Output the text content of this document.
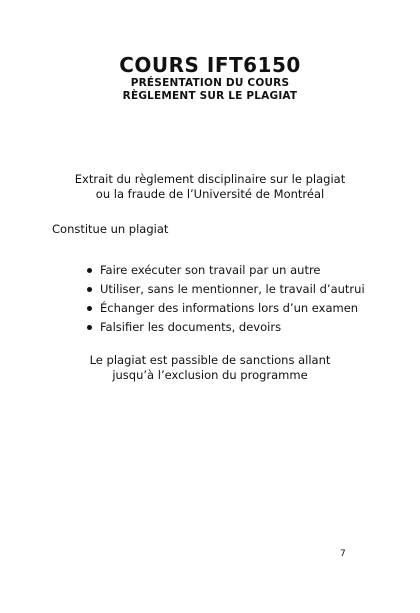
COURS IFT6150
PRÉSENTATION DU COURS
RÈGLEMENT SUR LE PLAGIAT
Extrait du règlement disciplinaire sur le plagiat
ou la fraude de l’Université de Montréal
Constitue un plagiat
Faire exécuter son travail par un autre
Utiliser, sans le mentionner, le travail d’autrui
Échanger des informations lors d’un examen
Falsifier les documents, devoirs
Le plagiat est passible de sanctions allant
jusqu’à l’exclusion du programme
7
